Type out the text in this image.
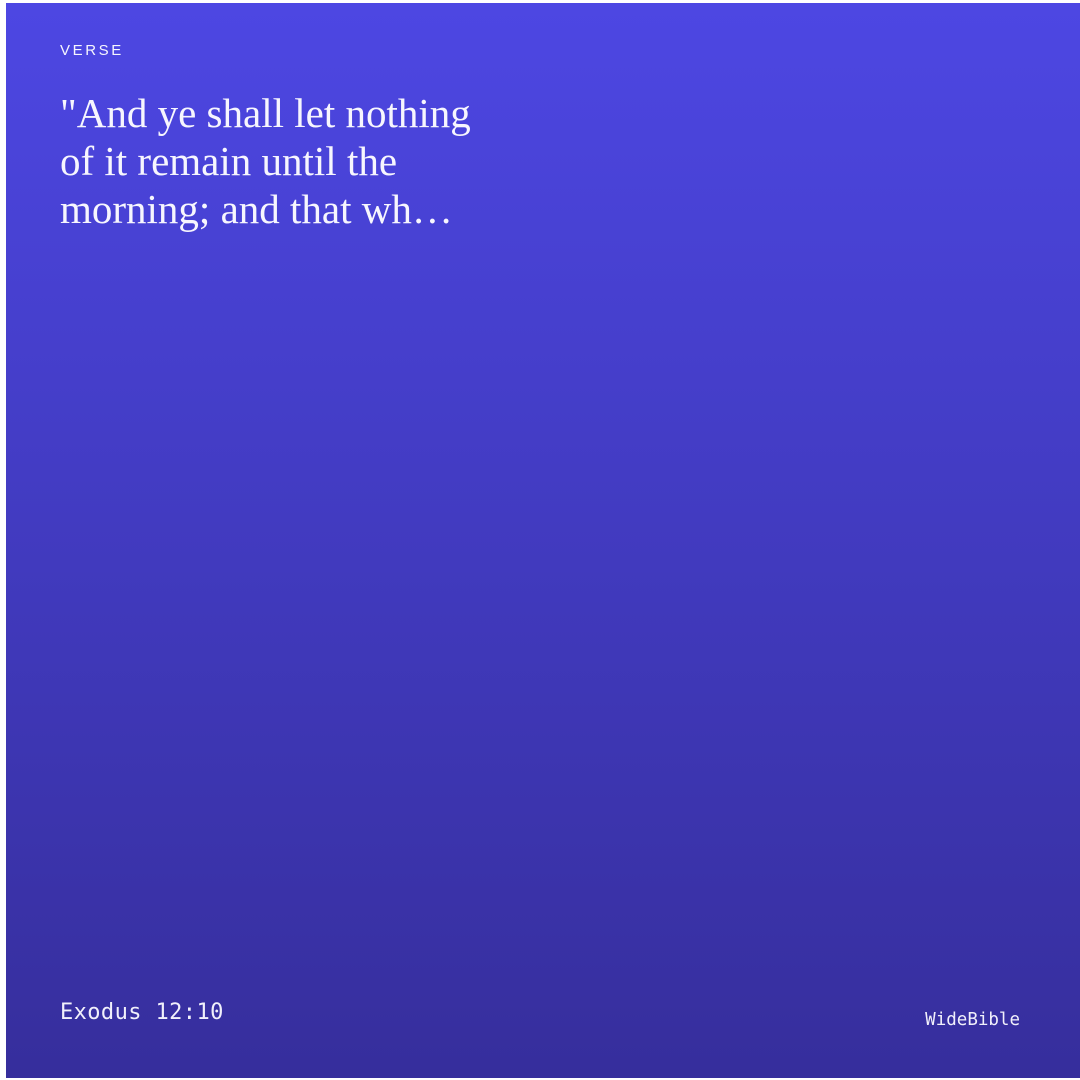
VERSE
"And ye shall let nothing
of it remain until the
morning; and that wh…
Exodus 12:10	WideBible
